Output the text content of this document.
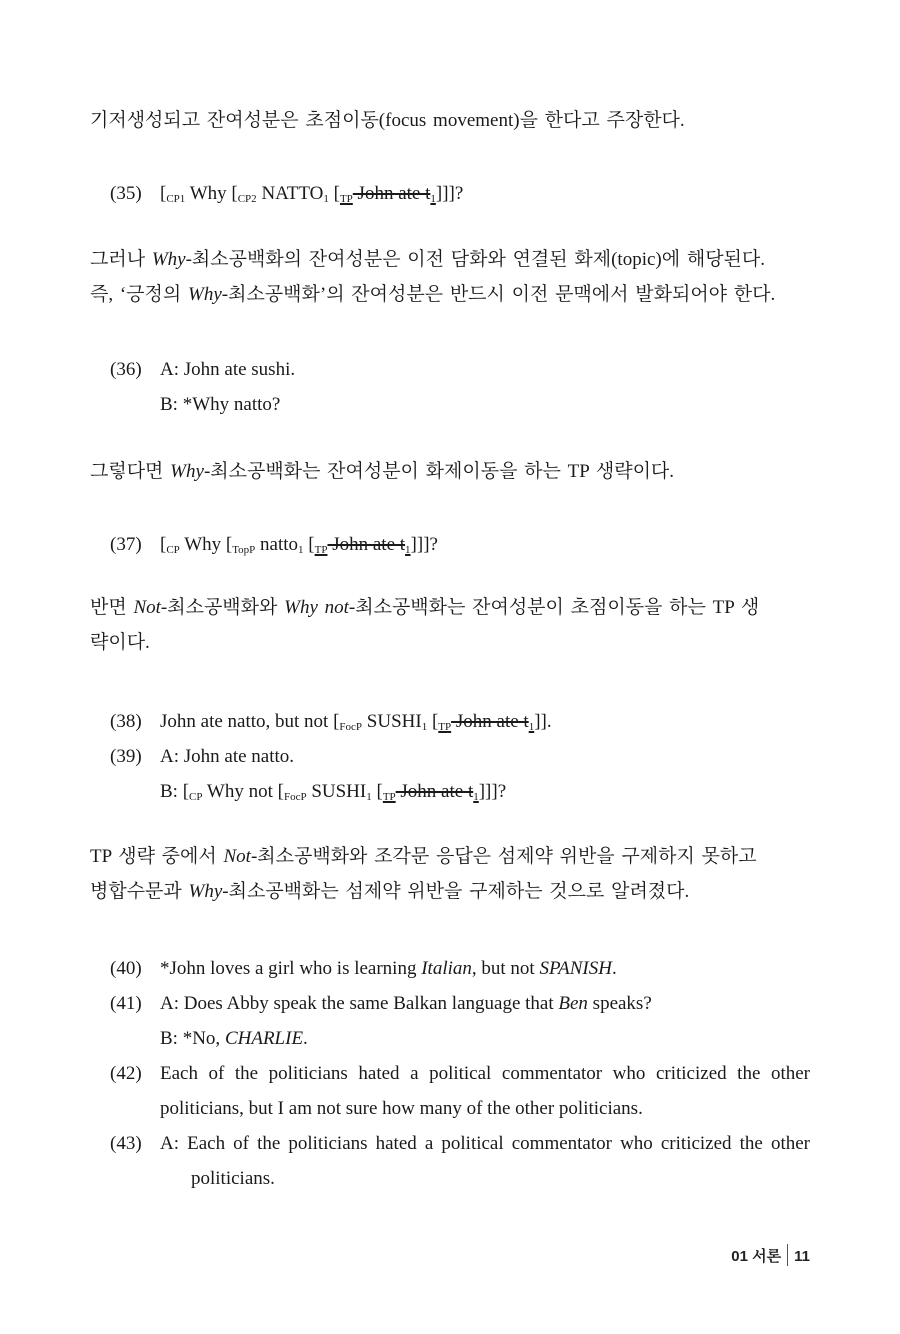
기저생성되고 잔여성분은 초점이동(focus movement)을 한다고 주장한다.
(35) [$_{CP1}$ Why [$_{CP2}$ $NATTO_1$ [$_{TP}$ John ate $t_1$]]]?
그러나 Why-최소공백화의 잔여성분은 이전 담화와 연결된 화제(topic)에 해당된다.
즉, ‘긍정의 Why-최소공백화’의 잔여성분은 반드시 이전 문맥에서 발화되어야 한다.
(36) A: John ate sushi.
B: *Why natto?
그렇다면 Why-최소공백화는 잔여성분이 화제이동을 하는 TP 생략이다.
(37) [$_{CP}$ Why [$_{TopP}$ natto$_1$ [$_{TP}$ John ate $t_1$]]]?
반면 Not-최소공백화와 Why not-최소공백화는 잔여성분이 초점이동을 하는 TP 생
략이다.
(38) John ate natto, but not [$_{FocP}$ $SUSHI_1$ [$_{TP}$ John ate $t_1$]].
(39) A: John ate natto.
B: [$_{CP}$ Why not [$_{FocP}$ $SUSHI_1$ [$_{TP}$ John ate $t_1$]]]?
TP 생략 중에서 Not-최소공백화와 조각문 응답은 섬제약 위반을 구제하지 못하고
병합수문과 Why-최소공백화는 섬제약 위반을 구제하는 것으로 알려졌다.
(40) *John loves a girl who is learning Italian, but not SPANISH.
(41) A: Does Abby speak the same Balkan language that Ben speaks?
B: *No, CHARLIE.
(42) Each of the politicians hated a political commentator who criticized the other
politicians, but I am not sure how many of the other politicians.
(43) A: Each of the politicians hated a political commentator who criticized the other
politicians.
01 서론 11
